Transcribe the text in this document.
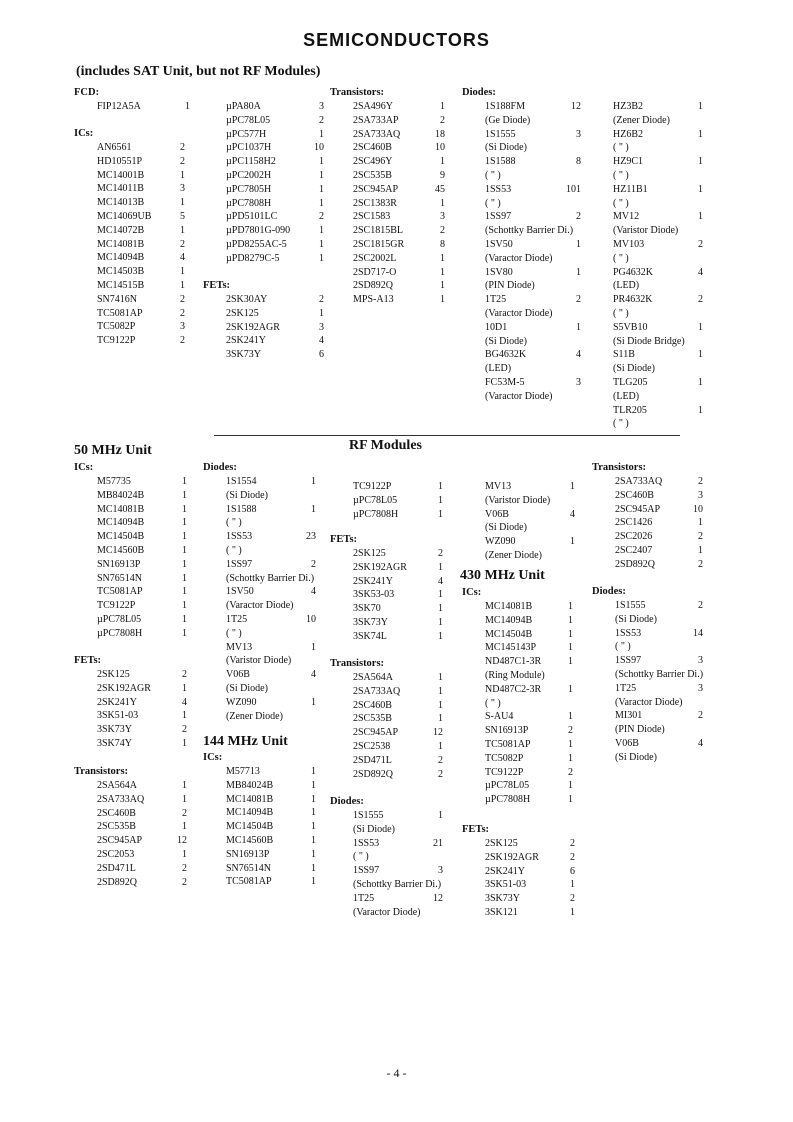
SEMICONDUCTORS
(includes SAT Unit, but not RF Modules)
FCD:
ICs:
FETs:
Transistors:	Diodes:
FIP12A5A	1
AN6561	2
HD10551P	2
MC14001B	1
MC14011B	3
MC14013B	1
MC14069UB	5
MC14072B	1
MC14081B	2
MC14094B	4
MC14503B	1
MC14515B	1
SN7416N	2
TC5081AP	2
TC5082P	3
TC9122P	2
µPA80A	3
µPC78L05	2
µPC577H	1
µPC1037H	10
µPC1158H2	1
µPC2002H	1
µPC7805H	1
µPC7808H	1
µPD5101LC	2
µPD7801G-090	1
µPD8255AC-5	1
µPD8279C-5	1
2SK30AY	2
2SK125	1
2SK192AGR	3
2SK241Y	4
3SK73Y	6
2SA496Y	1
2SA733AP	2
2SA733AQ	18
2SC460B	10
2SC496Y	1
2SC535B	9
2SC945AP	45
2SC1383R	1
2SC1583	3
2SC1815BL	2
2SC1815GR	8
2SC2002L	1
2SD717-O	1
2SD892Q	1
MPS-A13	1
1S188FM	12
(Ge Diode)
1S1555	3
(Si Diode)
1S1588	8
( " )
1SS53	101
( " )
1SS97	2
(Schottky Barrier Di.)
1SV50	1
(Varactor Diode)
1SV80	1
(PIN Diode)
1T25	2
(Varactor Diode)
10D1	1
(Si Diode)
BG4632K	4
(LED)
FC53M-5	3
(Varactor Diode)
HZ3B2	1
(Zener Diode)
HZ6B2	1
( " )
HZ9C1	1
( " )
HZ11B1	1
( " )
MV12	1
(Varistor Diode)
MV103	2
( " )
PG4632K	4
(LED)
PR4632K	2
( " )
S5VB10	1
(Si Diode Bridge)
S11B	1
(Si Diode)
TLG205	1
(LED)
TLR205	1
( " )
50 MHz Unit
ICs:
M57735	1
MB84024B	1
MC14081B	1
MC14094B	1
MC14504B	1
MC14560B	1
SN16913P	1
SN76514N	1
TC5081AP	1
TC9122P	1
µPC78L05	1
µPC7808H	1
FETs:
2SK125	2
2SK192AGR	1
2SK241Y	4
3SK51-03	1
3SK73Y	2
3SK74Y	1
Transistors:
2SA564A	1
2SA733AQ	1
2SC460B	2
2SC535B	1
2SC945AP	12
2SC2053	1
2SD471L	2
2SD892Q	2
Diodes:
1S1554	1
(Si Diode)
1S1588	1
( " )
1SS53	23
( " )
1SS97	2
(Schottky Barrier Di.)
1SV50	4
(Varactor Diode)
1T25	10
( " )
MV13	1
(Varistor Diode)
V06B	4
(Si Diode)
WZ090	1
(Zener Diode)
144 MHz Unit
ICs:
M57713	1
MB84024B	1
MC14081B	1
MC14094B	1
MC14504B	1
MC14560B	1
SN16913P	1
SN76514N	1
TC5081AP	1
RF Modules
TC9122P	1
µPC78L05	1
µPC7808H	1
FETs:
2SK125	2
2SK192AGR	1
2SK241Y	4
3SK53-03	1
3SK70	1
3SK73Y	1
3SK74L	1
Transistors:
2SA564A	1
2SA733AQ	1
2SC460B	1
2SC535B	1
2SC945AP	12
2SC2538	1
2SD471L	2
2SD892Q	2
Diodes:
1S1555	1
(Si Diode)
1SS53	21
( " )
1SS97	3
(Schottky Barrier Di.)
1T25	12
(Varactor Diode)
MV13	1
(Varistor Diode)
V06B	4
(Si Diode)
WZ090	1
(Zener Diode)
430 MHz Unit
ICs:
MC14081B	1
MC14094B	1
MC14504B	1
MC145143P	1
ND487C1-3R	1
(Ring Module)
ND487C2-3R	1
( " )
S-AU4	1
SN16913P	2
TC5081AP	1
TC5082P	1
TC9122P	2
µPC78L05	1
µPC7808H	1
FETs:
2SK125	2
2SK192AGR	2
2SK241Y	6
3SK51-03	1
3SK73Y	2
3SK121	1
Transistors:
2SA733AQ	2
2SC460B	3
2SC945AP	10
2SC1426	1
2SC2026	2
2SC2407	1
2SD892Q	2
Diodes:
1S1555	2
(Si Diode)
1SS53	14
( " )
1SS97	3
(Schottky Barrier Di.)
1T25	3
(Varactor Diode)
MI301	2
(PIN Diode)
V06B	4
(Si Diode)
- 4 -
